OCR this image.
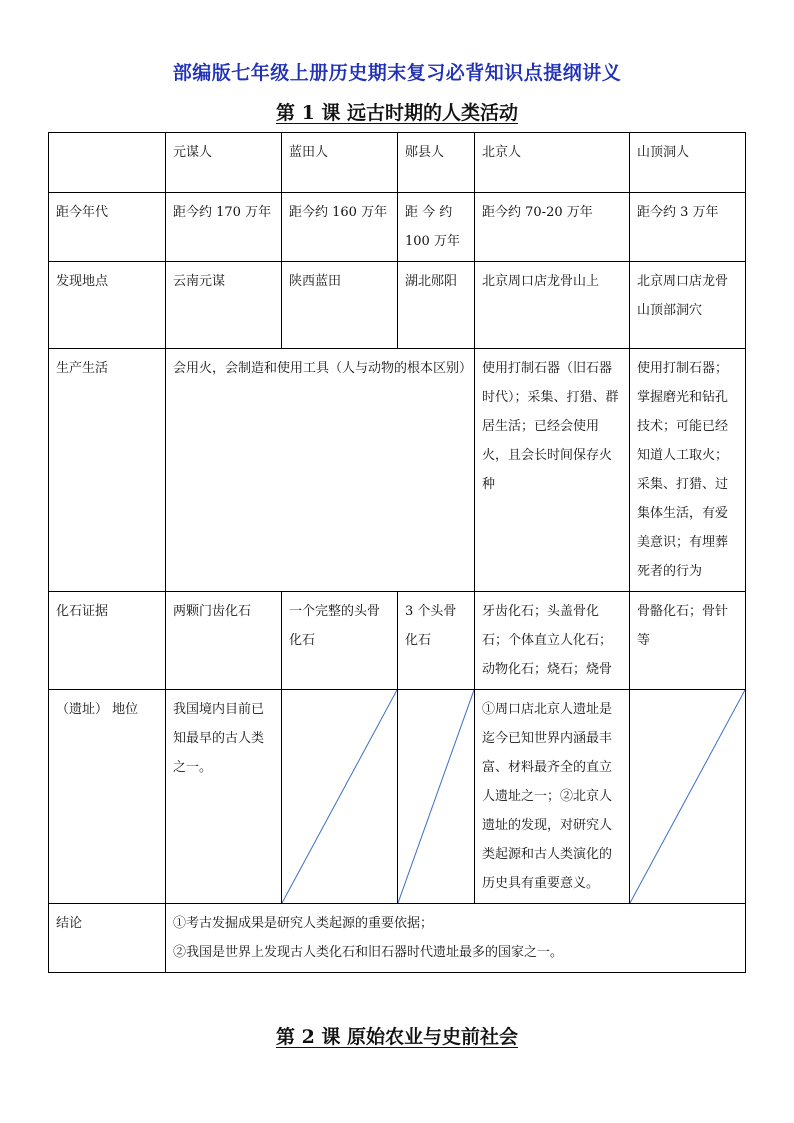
部编版七年级上册历史期末复习必背知识点提纲讲义
第 1 课 远古时期的人类活动
	元谋人	蓝田人	郧县人	北京人	山顶洞人
距今年代	距今约 170 万年	距今约 160 万年	距 今 约 100 万年	距今约 70-20 万年	距今约 3 万年
发现地点	云南元谋	陕西蓝田	湖北郧阳	北京周口店龙骨山上	北京周口店龙骨山顶部洞穴
生产生活	会用火，会制造和使用工具（人与动物的根本区别）			使用打制石器（旧石器时代）；采集、打猎、群居生活；已经会使用火，且会长时间保存火种	使用打制石器；掌握磨光和钻孔技术；可能已经知道人工取火；采集、打猎、过集体生活，有爱美意识；有埋葬死者的行为
化石证据	两颗门齿化石	一个完整的头骨化石	3 个头骨化石	牙齿化石；头盖骨化石；个体直立人化石；动物化石；烧石；烧骨	骨骼化石；骨针等
（遗址） 地位	我国境内目前已知最早的古人类之一。			①周口店北京人遗址是迄今已知世界内涵最丰富、材料最齐全的直立人遗址之一；②北京人遗址的发现，对研究人类起源和古人类演化的历史具有重要意义。	

结论	①考古发掘成果是研究人类起源的重要依据；
②我国是世界上发现古人类化石和旧石器时代遗址最多的国家之一。				
第 2 课 原始农业与史前社会
